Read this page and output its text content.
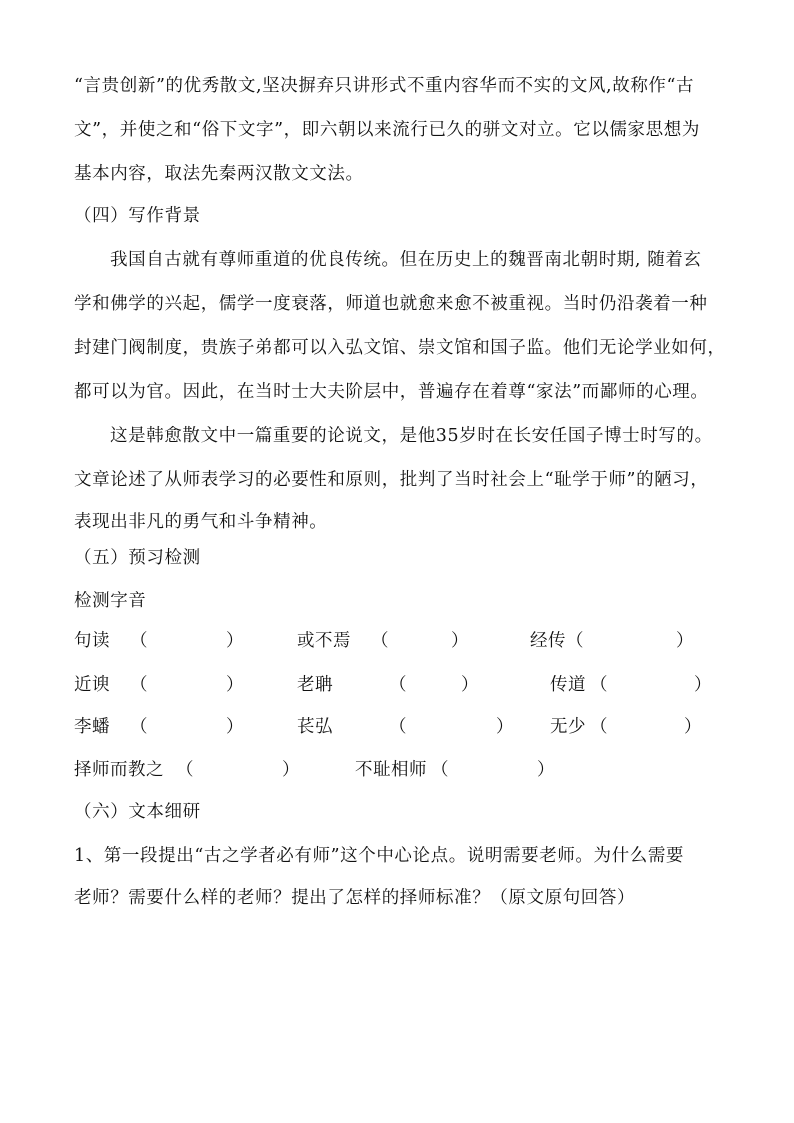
“言贵创新”的优秀散文,坚决摒弃只讲形式不重内容华而不实的文风,故称作“古
文”，并使之和“俗下文字”，即六朝以来流行已久的骈文对立。它以儒家思想为
基本内容，取法先秦两汉散文文法。
（四）写作背景
我国自古就有尊师重道的优良传统。但在历史上的魏晋南北朝时期, 随着玄
学和佛学的兴起，儒学一度衰落，师道也就愈来愈不被重视。当时仍沿袭着一种
封建门阀制度，贵族子弟都可以入弘文馆、崇文馆和国子监。他们无论学业如何，
都可以为官。因此，在当时士大夫阶层中，普遍存在着尊“家法”而鄙师的心理。
这是韩愈散文中一篇重要的论说文，是他35岁时在长安任国子博士时写的。
文章论述了从师表学习的必要性和原则，批判了当时社会上“耻学于师”的陋习，
表现出非凡的勇气和斗争精神。
（五）预习检测
检测字音
句读 （	）	或不焉 （	）	经传 （	）
近谀 （	）	老聃	（	）	传道 （	）
李蟠 （	）	苌弘	（	） 无少 （	）
择师而教之 （	）	不耻相师 （	）
（六）文本细研
1、第一段提出“古之学者必有师”这个中心论点。说明需要老师。为什么需要
老师？需要什么样的老师？提出了怎样的择师标准？（原文原句回答）
